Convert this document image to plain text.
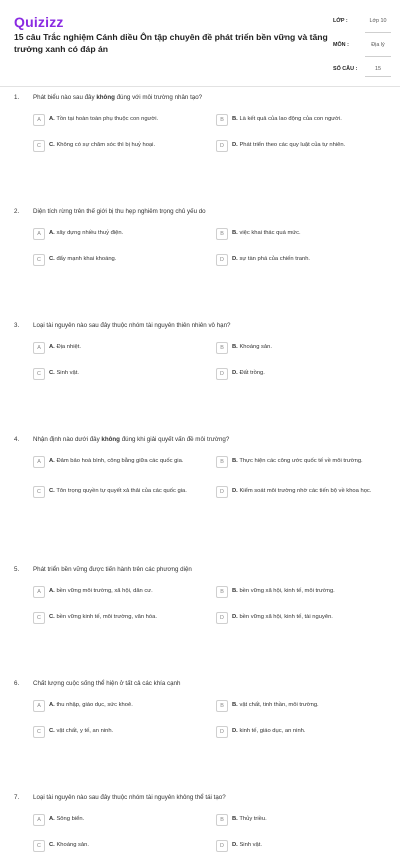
Quizizz
15 câu Trắc nghiệm Cánh diều Ôn tập chuyên đề phát triển bền vững và tăng trưởng xanh có đáp án
LỚP :	Lớp 10
MÔN :	Địa lý
SỐ CÂU :	15
1. Phát biểu nào sau đây không đúng với môi trường nhân tạo?
A	A. Tồn tại hoàn toàn phụ thuộc con người.	B	B. Là kết quả của lao động của con người.
C	C. Không có sự chăm sóc thì bị huỷ hoại.	D	D. Phát triển theo các quy luật của tự nhiên.
2. Diện tích rừng trên thế giới bị thu hẹp nghiêm trọng chủ yếu do
A	A. xây dựng nhiều thuỷ điện.	B	B. việc khai thác quá mức.
C	C. đẩy mạnh khai khoáng.	D	D. sự tàn phá của chiến tranh.
3. Loại tài nguyên nào sau đây thuộc nhóm tài nguyên thiên nhiên vô hạn?
A	A. Địa nhiệt.	B	B. Khoáng sản.
C	C. Sinh vật.	D	D. Đất trồng.
4. Nhận định nào dưới đây không đúng khi giải quyết vấn đề môi trường?
A	A. Đảm bảo hoà bình, công bằng giữa các quốc gia.	B	B. Thực hiện các công ước quốc tế về môi trường.
C	C. Tôn trọng quyền tự quyết xả thải của các quốc gia.	D	D. Kiểm soát môi trường nhờ các tiến bộ về khoa học.
5. Phát triển bền vững được tiến hành trên các phương diện
A	A. bền vững môi trường, xã hội, dân cư.	B	B. bền vững xã hội, kinh tế, môi trường.
C	C. bền vững kinh tế, môi trường, văn hóa.	D	D. bền vững xã hội, kinh tế, tài nguyên.
6. Chất lượng cuộc sống thể hiện ở tất cả các khía cạnh
A	A. thu nhập, giáo dục, sức khoẻ.	B	B. vật chất, tinh thần, môi trường.
C	C. vật chất, y tế, an ninh.	D	D. kinh tế, giáo dục, an ninh.
7. Loại tài nguyên nào sau đây thuộc nhóm tài nguyên không thể tái tạo?
A	A. Sông biển.	B	B. Thủy triều.
C	C. Khoáng sản.	D	D. Sinh vật.
